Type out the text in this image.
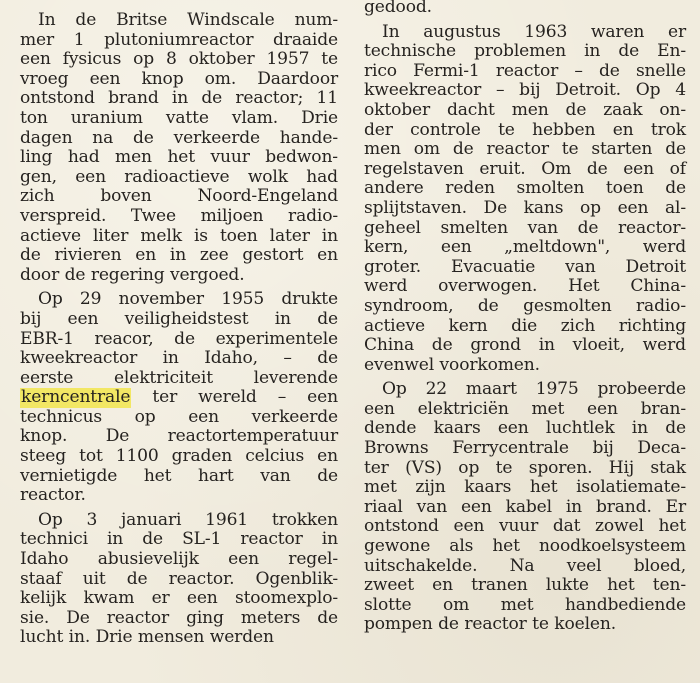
In de Britse Windscale num-
mer 1 plutoniumreactor draaide
een fysicus op 8 oktober 1957 te
vroeg een knop om. Daardoor
ontstond brand in de reactor; 11
ton uranium vatte vlam. Drie
dagen na de verkeerde hande-
ling had men het vuur bedwon-
gen, een radioactieve wolk had
zich	boven	Noord-Engeland
verspreid. Twee miljoen radio-
actieve liter melk is toen later in
de rivieren en in zee gestort en
door de regering vergoed.
Op 29 november 1955 drukte
bij een veiligheidstest in de
EBR-1 reacor, de experimentele
kweekreactor in Idaho, – de
eerste elektriciteit leverende
kerncentrale ter wereld – een
technicus op een verkeerde
knop. De reactortemperatuur
steeg tot 1100 graden celcius en
vernietigde het hart van de
reactor.
Op 3 januari 1961 trokken
technici in de SL-1 reactor in
Idaho abusievelijk een regel-
staaf uit de reactor. Ogenblik-
kelijk kwam er een stoomexplo-
sie. De reactor ging meters de
lucht in. Drie mensen werden
gedood.
In augustus 1963 waren er
technische problemen in de En-
rico Fermi-1 reactor – de snelle
kweekreactor – bij Detroit. Op 4
oktober dacht men de zaak on-
der controle te hebben en trok
men om de reactor te starten de
regelstaven eruit. Om de een of
andere reden smolten toen de
splijtstaven. De kans op een al-
geheel smelten van de reactor-
kern, een „meltdown", werd
groter. Evacuatie van Detroit
werd overwogen. Het China-
syndroom, de gesmolten radio-
actieve kern die zich richting
China de grond in vloeit, werd
evenwel voorkomen.
Op 22 maart 1975 probeerde
een elektriciën met een bran-
dende kaars een luchtlek in de
Browns Ferrycentrale bij Deca-
ter (VS) op te sporen. Hij stak
met zijn kaars het isolatiemate-
riaal van een kabel in brand. Er
ontstond een vuur dat zowel het
gewone als het noodkoelsysteem
uitschakelde. Na veel bloed,
zweet en tranen lukte het ten-
slotte om met handbediende
pompen de reactor te koelen.
